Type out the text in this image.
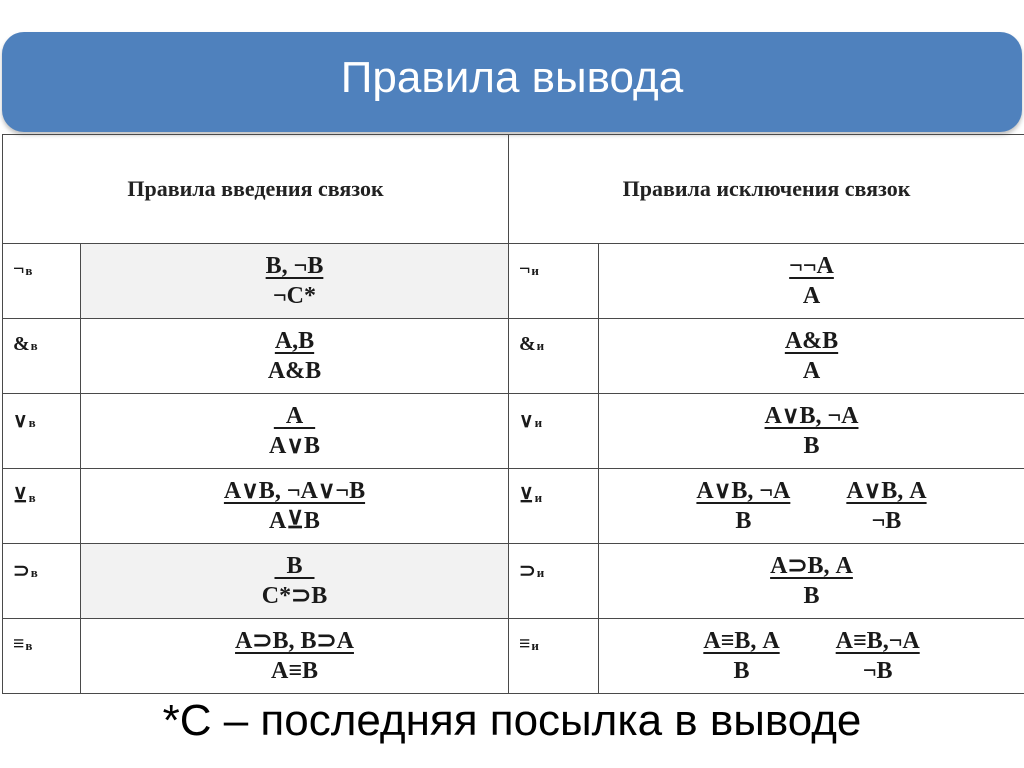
Правила вывода
Правила введения связок		Правила исключения связок	
¬в	$\frac{В, \neg В}{\neg С*}$	¬и	$\frac{\neg\neg А}{А}$

&в	$\frac{А,В}{А\&В}$	&и	$\frac{А\&В}{А}$

∨в	$\frac{А}{А\vee В}$	∨и	$\frac{А\vee В, \neg А}{В}$

⊻в	$\frac{А\vee В, \neg А\vee\neg В}{А⊻В}$	⊻и	$\frac{А\vee В, \neg А}{В} \frac{А\vee В, А}{\neg В}$

⊃в	$\frac{В}{С*⊃В}$	⊃и	$\frac{А⊃В, А}{В}$

≡в	$\frac{А⊃В, В⊃А}{А\equiv В}$	≡и	$\frac{А\equiv В, А}{В} \frac{А\equiv В,\neg А}{\neg В}$
*С – последняя посылка в выводе
